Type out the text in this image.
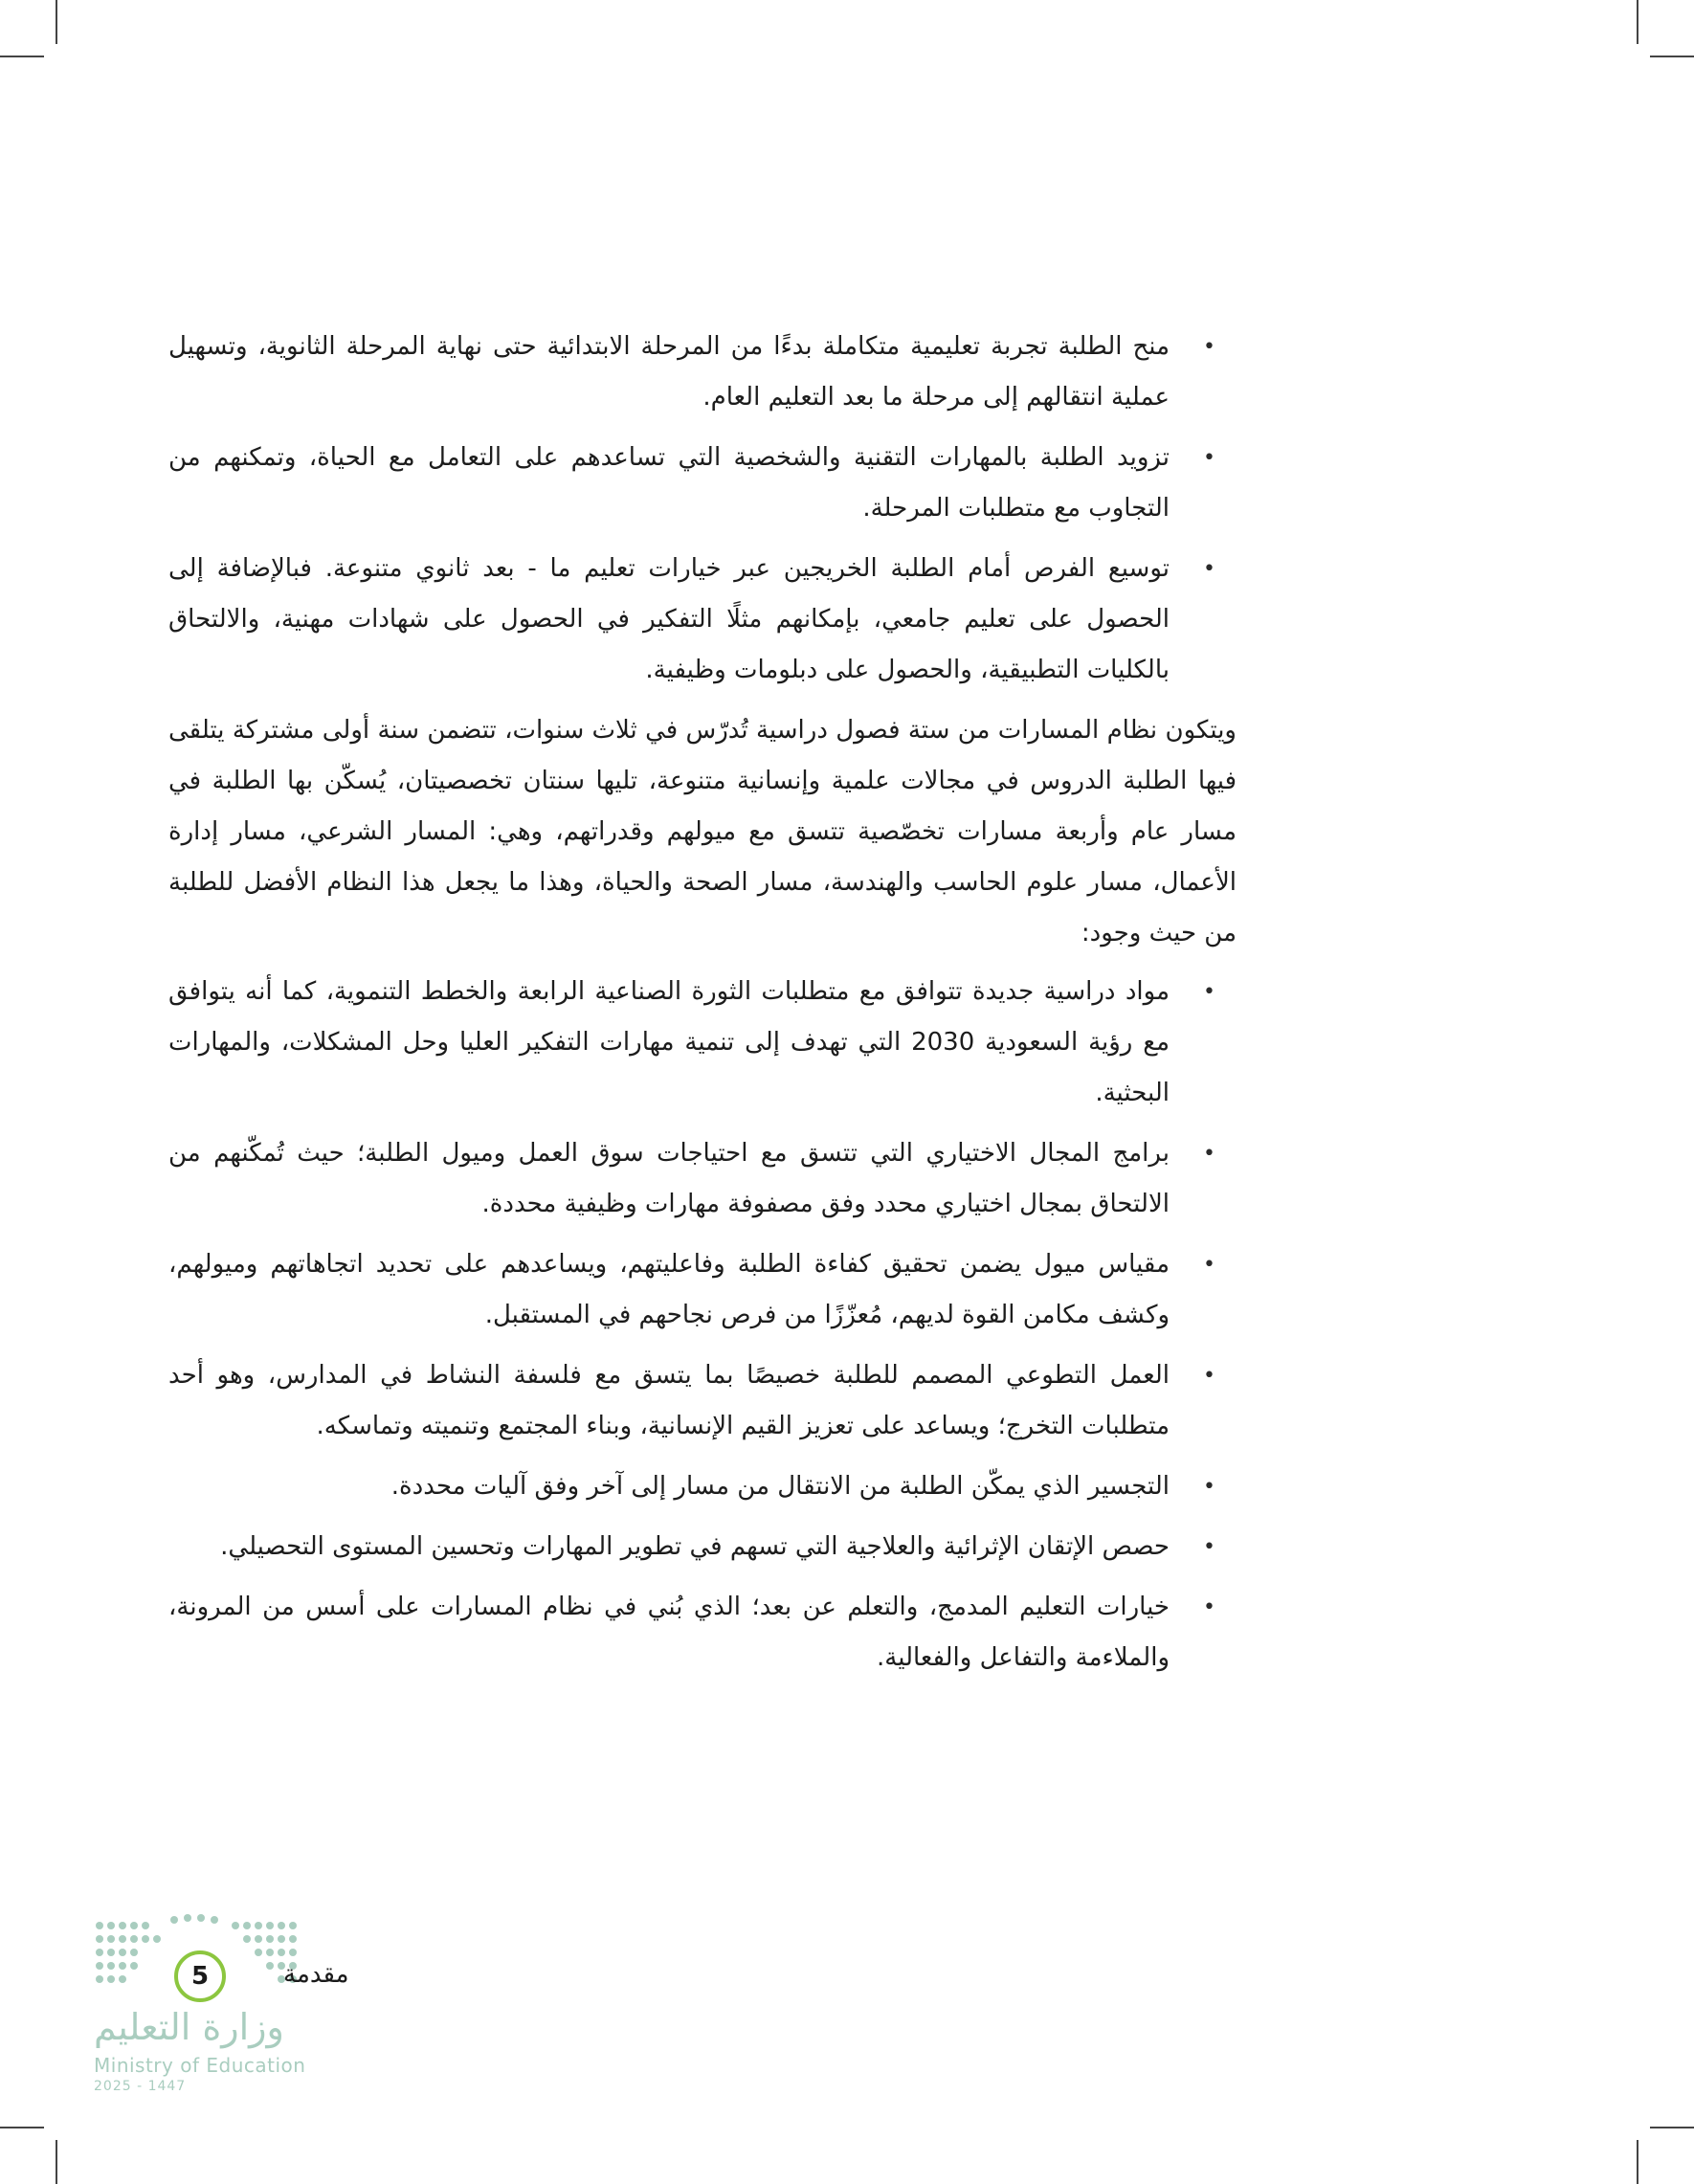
•
منح الطلبة تجربة تعليمية متكاملة بدءًا من المرحلة الابتدائية حتى نهاية المرحلة الثانوية، وتسهيل عملية انتقالهم إلى مرحلة ما بعد التعليم العام.
•
تزويد الطلبة بالمهارات التقنية والشخصية التي تساعدهم على التعامل مع الحياة، وتمكنهم من التجاوب مع متطلبات المرحلة.
•
توسيع الفرص أمام الطلبة الخريجين عبر خيارات تعليم ما - بعد ثانوي متنوعة. فبالإضافة إلى الحصول على تعليم جامعي، بإمكانهم مثلًا التفكير في الحصول على شهادات مهنية، والالتحاق بالكليات التطبيقية، والحصول على دبلومات وظيفية.

ويتكون نظام المسارات من ستة فصول دراسية تُدرّس في ثلاث سنوات، تتضمن سنة أولى مشتركة يتلقى فيها الطلبة الدروس في مجالات علمية وإنسانية متنوعة، تليها سنتان تخصصيتان، يُسكّن بها الطلبة في مسار عام وأربعة مسارات تخصّصية تتسق مع ميولهم وقدراتهم، وهي: المسار الشرعي، مسار إدارة الأعمال، مسار علوم الحاسب والهندسة، مسار الصحة والحياة، وهذا ما يجعل هذا النظام الأفضل للطلبة من حيث وجود:

•
مواد دراسية جديدة تتوافق مع متطلبات الثورة الصناعية الرابعة والخطط التنموية، كما أنه يتوافق مع رؤية السعودية 2030 التي تهدف إلى تنمية مهارات التفكير العليا وحل المشكلات، والمهارات البحثية.
•
برامج المجال الاختياري التي تتسق مع احتياجات سوق العمل وميول الطلبة؛ حيث تُمكّنهم من الالتحاق بمجال اختياري محدد وفق مصفوفة مهارات وظيفية محددة.
•
مقياس ميول يضمن تحقيق كفاءة الطلبة وفاعليتهم، ويساعدهم على تحديد اتجاهاتهم وميولهم، وكشف مكامن القوة لديهم، مُعزّزًا من فرص نجاحهم في المستقبل.
•
العمل التطوعي المصمم للطلبة خصيصًا بما يتسق مع فلسفة النشاط في المدارس، وهو أحد متطلبات التخرج؛ ويساعد على تعزيز القيم الإنسانية، وبناء المجتمع وتنميته وتماسكه.
•
التجسير الذي يمكّن الطلبة من الانتقال من مسار إلى آخر وفق آليات محددة.
•
حصص الإتقان الإثرائية والعلاجية التي تسهم في تطوير المهارات وتحسين المستوى التحصيلي.
•
خيارات التعليم المدمج، والتعلم عن بعد؛ الذي بُني في نظام المسارات على أسس من المرونة، والملاءمة والتفاعل والفعالية.
5	مقدمة
وزارة التعليم
Ministry of Education
2025 - 1447
